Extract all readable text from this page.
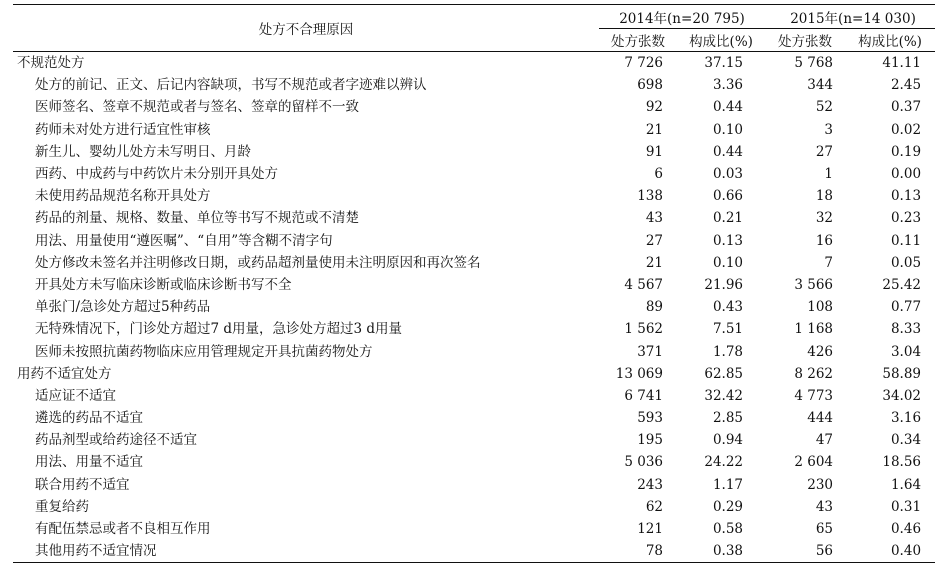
处方不合理原因	2014年(n=20 795)		2015年(n=14 030)	
	处方张数	构成比(%)	处方张数	构成比(%)
不规范处方	7 726	37.15	5 768	41.11
处方的前记、正文、后记内容缺项，书写不规范或者字迹难以辨认	698	3.36	344	2.45
医师签名、签章不规范或者与签名、签章的留样不一致	92	0.44	52	0.37
药师未对处方进行适宜性审核	21	0.10	3	0.02
新生儿、婴幼儿处方未写明日、月龄	91	0.44	27	0.19
西药、中成药与中药饮片未分别开具处方	6	0.03	1	0.00
未使用药品规范名称开具处方	138	0.66	18	0.13
药品的剂量、规格、数量、单位等书写不规范或不清楚	43	0.21	32	0.23
用法、用量使用“遵医嘱”、“自用”等含糊不清字句	27	0.13	16	0.11
处方修改未签名并注明修改日期，或药品超剂量使用未注明原因和再次签名	21	0.10	7	0.05
开具处方未写临床诊断或临床诊断书写不全	4 567	21.96	3 566	25.42
单张门/急诊处方超过5种药品	89	0.43	108	0.77
无特殊情况下，门诊处方超过7 d用量，急诊处方超过3 d用量	1 562	7.51	1 168	8.33
医师未按照抗菌药物临床应用管理规定开具抗菌药物处方	371	1.78	426	3.04
用药不适宜处方	13 069	62.85	8 262	58.89
适应证不适宜	6 741	32.42	4 773	34.02
遴选的药品不适宜	593	2.85	444	3.16
药品剂型或给药途径不适宜	195	0.94	47	0.34
用法、用量不适宜	5 036	24.22	2 604	18.56
联合用药不适宜	243	1.17	230	1.64
重复给药	62	0.29	43	0.31
有配伍禁忌或者不良相互作用	121	0.58	65	0.46
其他用药不适宜情况	78	0.38	56	0.40
